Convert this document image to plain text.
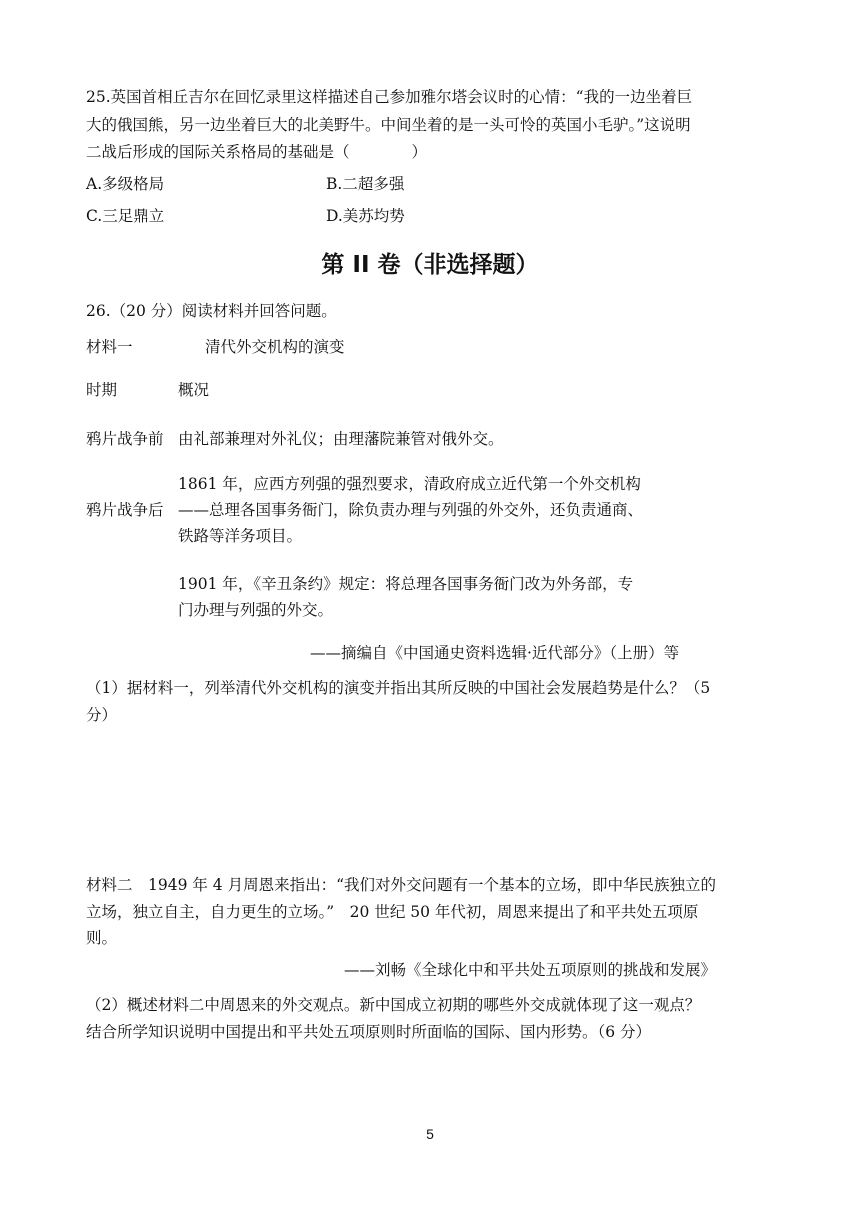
25.英国首相丘吉尔在回忆录里这样描述自己参加雅尔塔会议时的心情：“我的一边坐着巨
大的俄国熊，另一边坐着巨大的北美野牛。中间坐着的是一头可怜的英国小毛驴。”这说明
二战后形成的国际关系格局的基础是（　　　　）
A.多级格局	B.二超多强
C.三足鼎立	D.美苏均势
第 II 卷（非选择题）
26.（20 分）阅读材料并回答问题。
材料一	清代外交机构的演变
时期	概况
鸦片战争前 由礼部兼理对外礼仪；由理藩院兼管对俄外交。
1861 年，应西方列强的强烈要求，清政府成立近代第一个外交机构
鸦片战争后 ——总理各国事务衙门，除负责办理与列强的外交外，还负责通商、
铁路等洋务项目。
1901 年，《辛丑条约》规定：将总理各国事务衙门改为外务部，专
门办理与列强的外交。
——摘编自《中国通史资料选辑·近代部分》（上册）等
（1）据材料一，列举清代外交机构的演变并指出其所反映的中国社会发展趋势是什么？（5
分）
材料二　1949 年 4 月周恩来指出：“我们对外交问题有一个基本的立场，即中华民族独立的
立场，独立自主，自力更生的立场。”　20 世纪 50 年代初，周恩来提出了和平共处五项原
则。
——刘畅《全球化中和平共处五项原则的挑战和发展》
（2）概述材料二中周恩来的外交观点。新中国成立初期的哪些外交成就体现了这一观点？
结合所学知识说明中国提出和平共处五项原则时所面临的国际、国内形势。（6 分）
5
